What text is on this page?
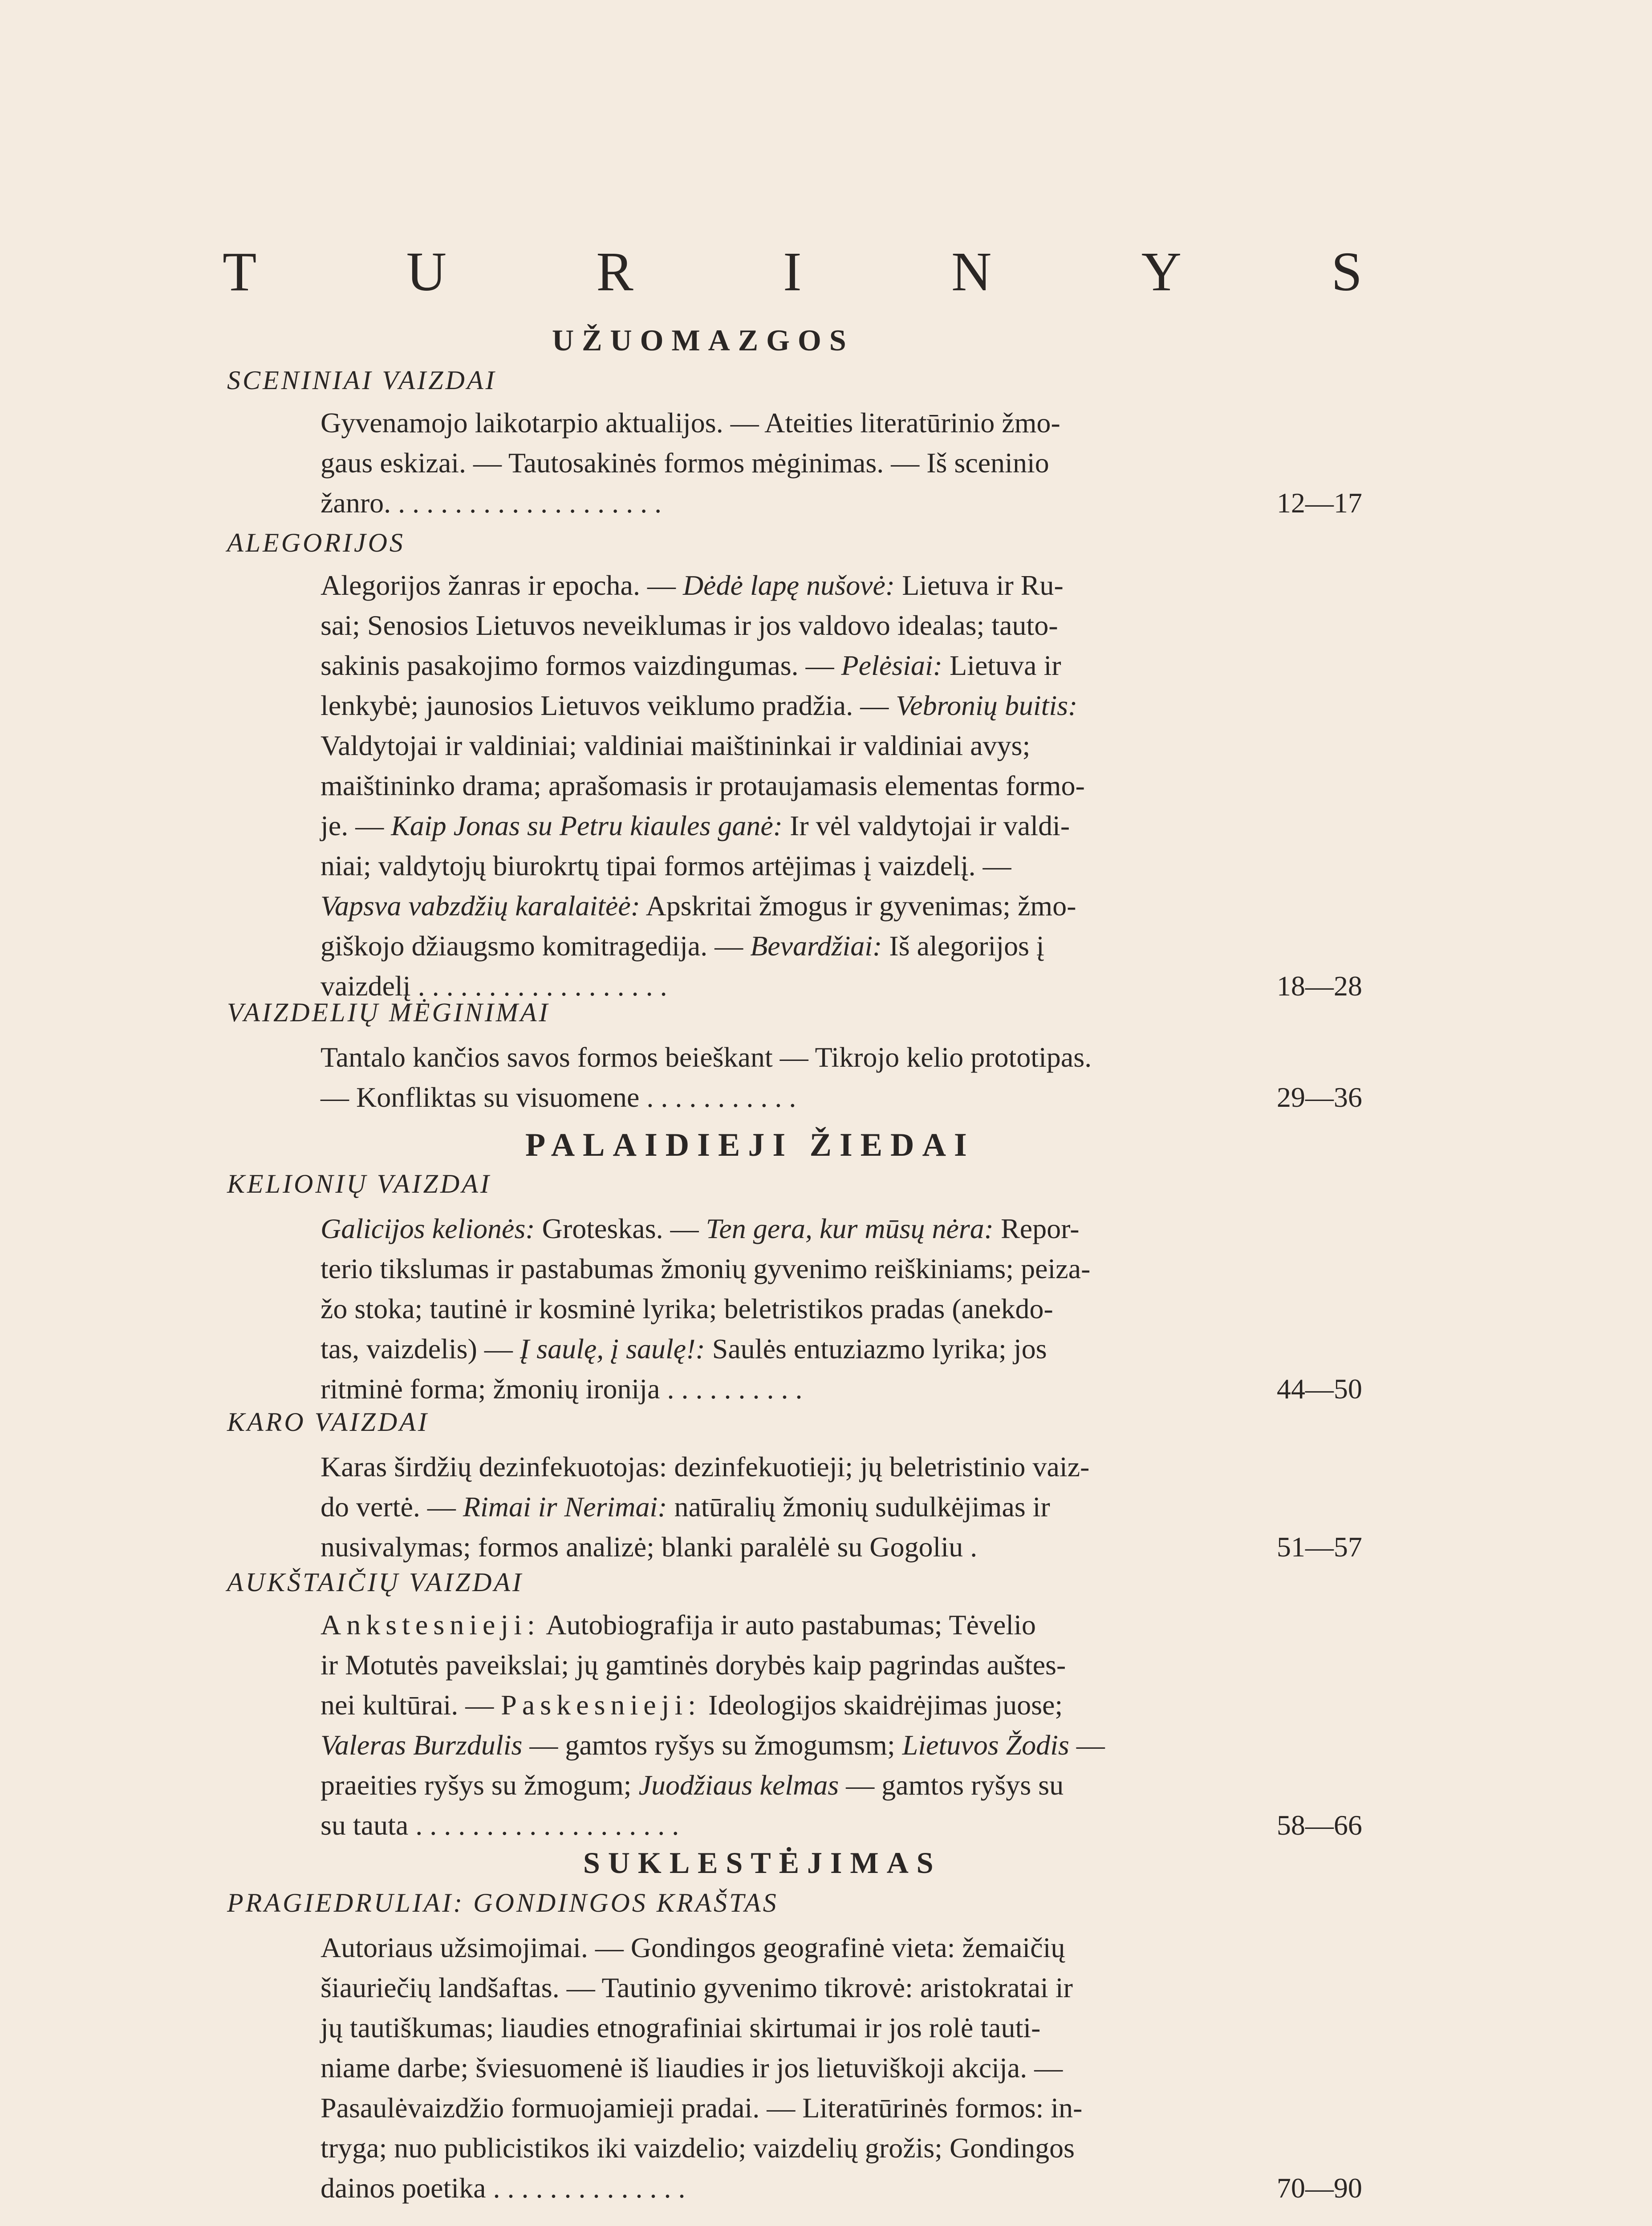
T	U	R	I	N	Y	S
UŽUOMAZGOS
SCENINIAI VAIZDAI
Gyvenamojo laikotarpio aktualijos. — Ateities literatūrinio žmo-
gaus eskizai. — Tautosakinės formos mėginimas. — Iš sceninio
žanro. . . . . . . . . . . . . . . . . . . .	12—17
ALEGORIJOS
Alegorijos žanras ir epocha. — Dėdė lapę nušovė: Lietuva ir Ru-
sai; Senosios Lietuvos neveiklumas ir jos valdovo idealas; tauto-
sakinis pasakojimo formos vaizdingumas. — Pelėsiai: Lietuva ir
lenkybė; jaunosios Lietuvos veiklumo pradžia. — Vebronių buitis:
Valdytojai ir valdiniai; valdiniai maištininkai ir valdiniai avys;
maištininko drama; aprašomasis ir protaujamasis elementas formo-
je. — Kaip Jonas su Petru kiaules ganė: Ir vėl valdytojai ir valdi-
niai; valdytojų biurokrtų tipai formos artėjimas į vaizdelį. —
Vapsva vabzdžių karalaitėė: Apskritai žmogus ir gyvenimas; žmo-
giškojo džiaugsmo komitragedija. — Bevardžiai: Iš alegorijos į
vaizdelį . . . . . . . . . . . . . . . . . .	18—28
VAIZDELIŲ MĖGINIMAI
Tantalo kančios savos formos beieškant — Tikrojo kelio prototipas.
— Konfliktas su visuomene . . . . . . . . . . .	29—36
PALAIDIEJI ŽIEDAI
KELIONIŲ VAIZDAI
Galicijos kelionės: Groteskas. — Ten gera, kur mūsų nėra: Repor-
terio tikslumas ir pastabumas žmonių gyvenimo reiškiniams; peiza-
žo stoka; tautinė ir kosminė lyrika; beletristikos pradas (anekdo-
tas, vaizdelis) — Į saulę, į saulę!: Saulės entuziazmo lyrika; jos
ritminė forma; žmonių ironija . . . . . . . . . .	44—50
KARO VAIZDAI
Karas širdžių dezinfekuotojas: dezinfekuotieji; jų beletristinio vaiz-
do vertė. — Rimai ir Nerimai: natūralių žmonių sudulkėjimas ir
nusivalymas; formos analizė; blanki paralėlė su Gogoliu .	51—57
AUKŠTAIČIŲ VAIZDAI
Ankstesnieji: Autobiografija ir auto pastabumas; Tėvelio
ir Motutės paveikslai; jų gamtinės dorybės kaip pagrindas auštes-
nei kultūrai. — Paskesnieji: Ideologijos skaidrėjimas juose;
Valeras Burzdulis — gamtos ryšys su žmogumsm; Lietuvos Žodis —
praeities ryšys su žmogum; Juodžiaus kelmas — gamtos ryšys su
su tauta . . . . . . . . . . . . . . . . . . .	58—66
SUKLESTĖJIMAS
PRAGIEDRULIAI: GONDINGOS KRAŠTAS
Autoriaus užsimojimai. — Gondingos geografinė vieta: žemaičių
šiauriečių landšaftas. — Tautinio gyvenimo tikrovė: aristokratai ir
jų tautiškumas; liaudies etnografiniai skirtumai ir jos rolė tauti-
niame darbe; šviesuomenė iš liaudies ir jos lietuviškoji akcija. —
Pasaulėvaizdžio formuojamieji pradai. — Literatūrinės formos: in-
tryga; nuo publicistikos iki vaizdelio; vaizdelių grožis; Gondingos
dainos poetika . . . . . . . . . . . . . .	70—90
